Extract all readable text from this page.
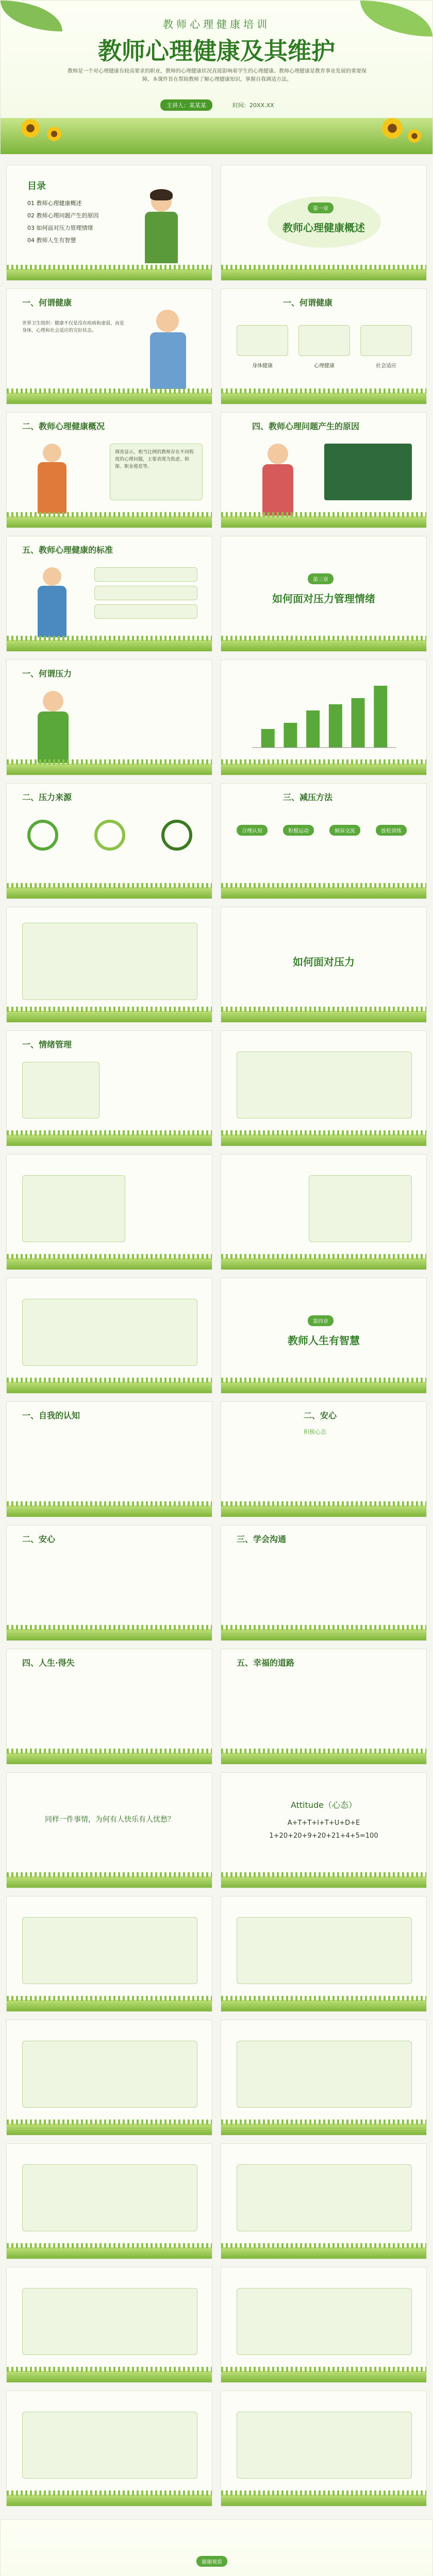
教师心理健康培训
教师心理健康及其维护
教师是一个对心理健康有较高要求的职业，教师的心理健康状况直接影响着学生的心理健康。教师心理健康是教育事业发展的重要保障，本课件旨在帮助教师了解心理健康知识，掌握自我调适方法。
主讲人：某某某	时间：20XX.XX
目录
01 教师心理健康概述
02 教师心理问题产生的原因
03 如何面对压力管理情绪
04 教师人生有智慧
第一章
教师心理健康概述
一、何谓健康
世界卫生组织：健康不仅是没有疾病和虚弱，而是身体、心理和社会适应的完好状态。
一、何谓健康
身体健康	心理健康	社会适应
二、教师心理健康概况
调查显示，相当比例的教师存在不同程度的心理问题，主要表现为焦虑、抑郁、职业倦怠等。
四、教师心理问题产生的原因
五、教师心理健康的标准
第三章
如何面对压力管理情绪
一、何谓压力
二、压力来源	三、减压方法
合理认知	积极运动	倾诉交流	放松训练
如何面对压力
一、情绪管理
第四章
教师人生有智慧
一、自我的认知	二、安心
积极心态
二、安心	三、学会沟通
四、人生·得失	五、幸福的道路
同样一件事情，为何有人快乐有人忧愁？
Attitude（心态）
A+T+T+I+T+U+D+E
1+20+20+9+20+21+4+5=100
谢谢观看
